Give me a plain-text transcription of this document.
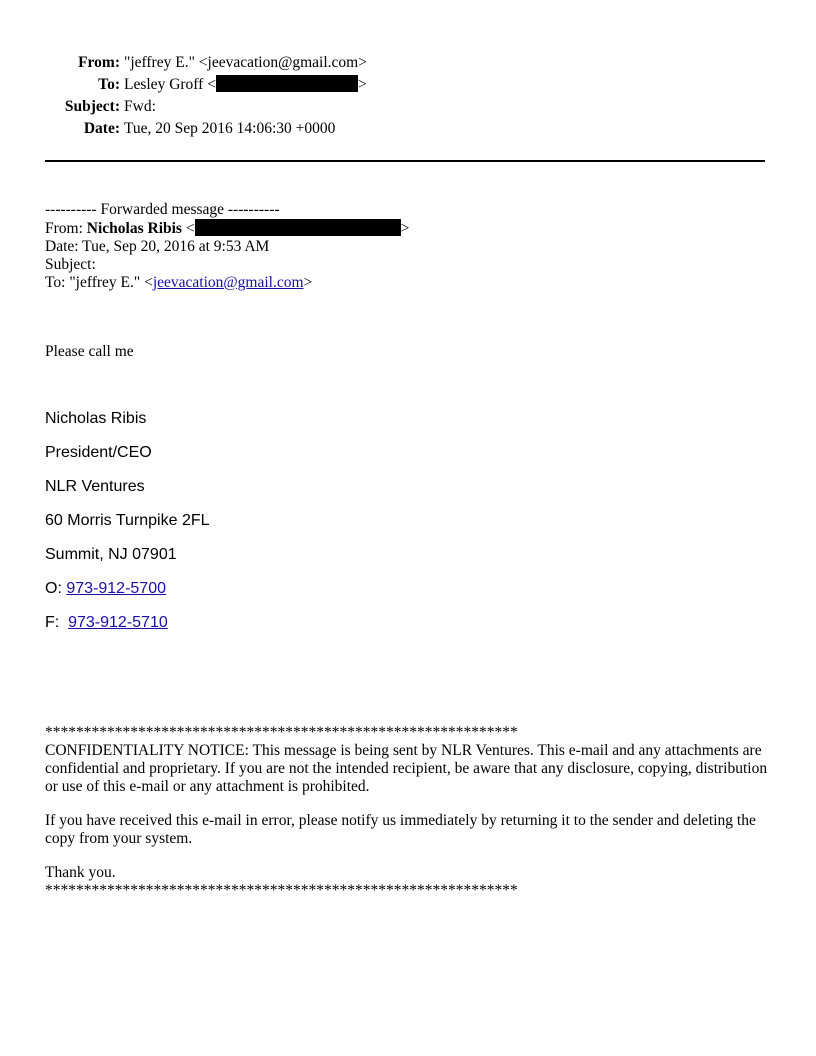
From: "jeffrey E." <jeevacation@gmail.com>
To: Lesley Groff <	>
Subject: Fwd:
Date: Tue, 20 Sep 2016 14:06:30 +0000
---------- Forwarded message ----------
From: Nicholas Ribis <	>
Date: Tue, Sep 20, 2016 at 9:53 AM
Subject:
To: "jeffrey E." <jeevacation@gmail.com>
Please call me
Nicholas Ribis
President/CEO
NLR Ventures
60 Morris Turnpike 2FL
Summit, NJ 07901
O: 973-912-5700
F:  973-912-5710
*************************************************************
CONFIDENTIALITY NOTICE: This message is being sent by NLR Ventures. This e-mail and any attachments are confidential and proprietary. If you are not the intended recipient, be aware that any disclosure, copying, distribution or use of this e-mail or any attachment is prohibited.
If you have received this e-mail in error, please notify us immediately by returning it to the sender and deleting the copy from your system.
Thank you.
*************************************************************
